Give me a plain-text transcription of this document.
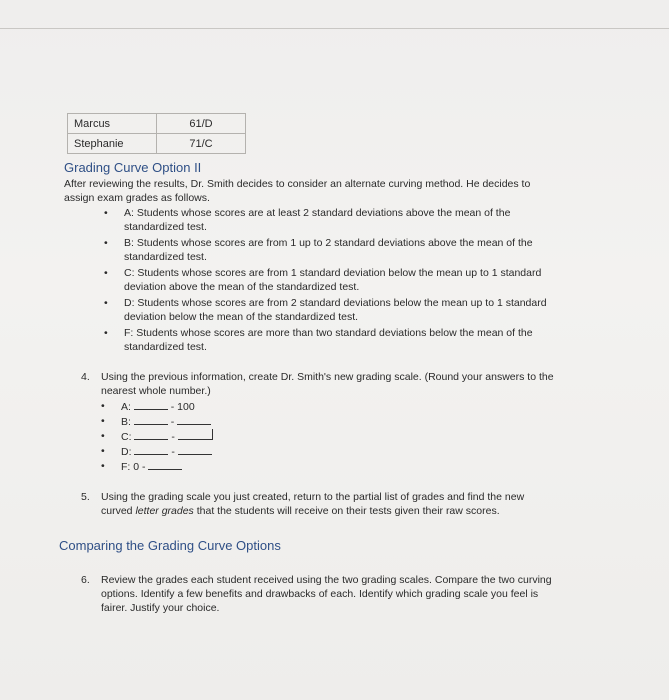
Marcus	61/D
Stephanie	71/C
Grading Curve Option II
After reviewing the results, Dr. Smith decides to consider an alternate curving method. He decides to
assign exam grades as follows.
• A: Students whose scores are at least 2 standard deviations above the mean of the
standardized test.
• B: Students whose scores are from 1 up to 2 standard deviations above the mean of the
standardized test.
• C: Students whose scores are from 1 standard deviation below the mean up to 1 standard
deviation above the mean of the standardized test.
• D: Students whose scores are from 2 standard deviations below the mean up to 1 standard
deviation below the mean of the standardized test.
• F: Students whose scores are more than two standard deviations below the mean of the
standardized test.
4. Using the previous information, create Dr. Smith's new grading scale. (Round your answers to the
nearest whole number.)
• A:	- 100
• B:	-
• C:	-
• D:	-
• F: 0 -
5. Using the grading scale you just created, return to the partial list of grades and find the new
curved letter grades that the students will receive on their tests given their raw scores.
Comparing the Grading Curve Options
6. Review the grades each student received using the two grading scales. Compare the two curving
options. Identify a few benefits and drawbacks of each. Identify which grading scale you feel is
fairer. Justify your choice.
